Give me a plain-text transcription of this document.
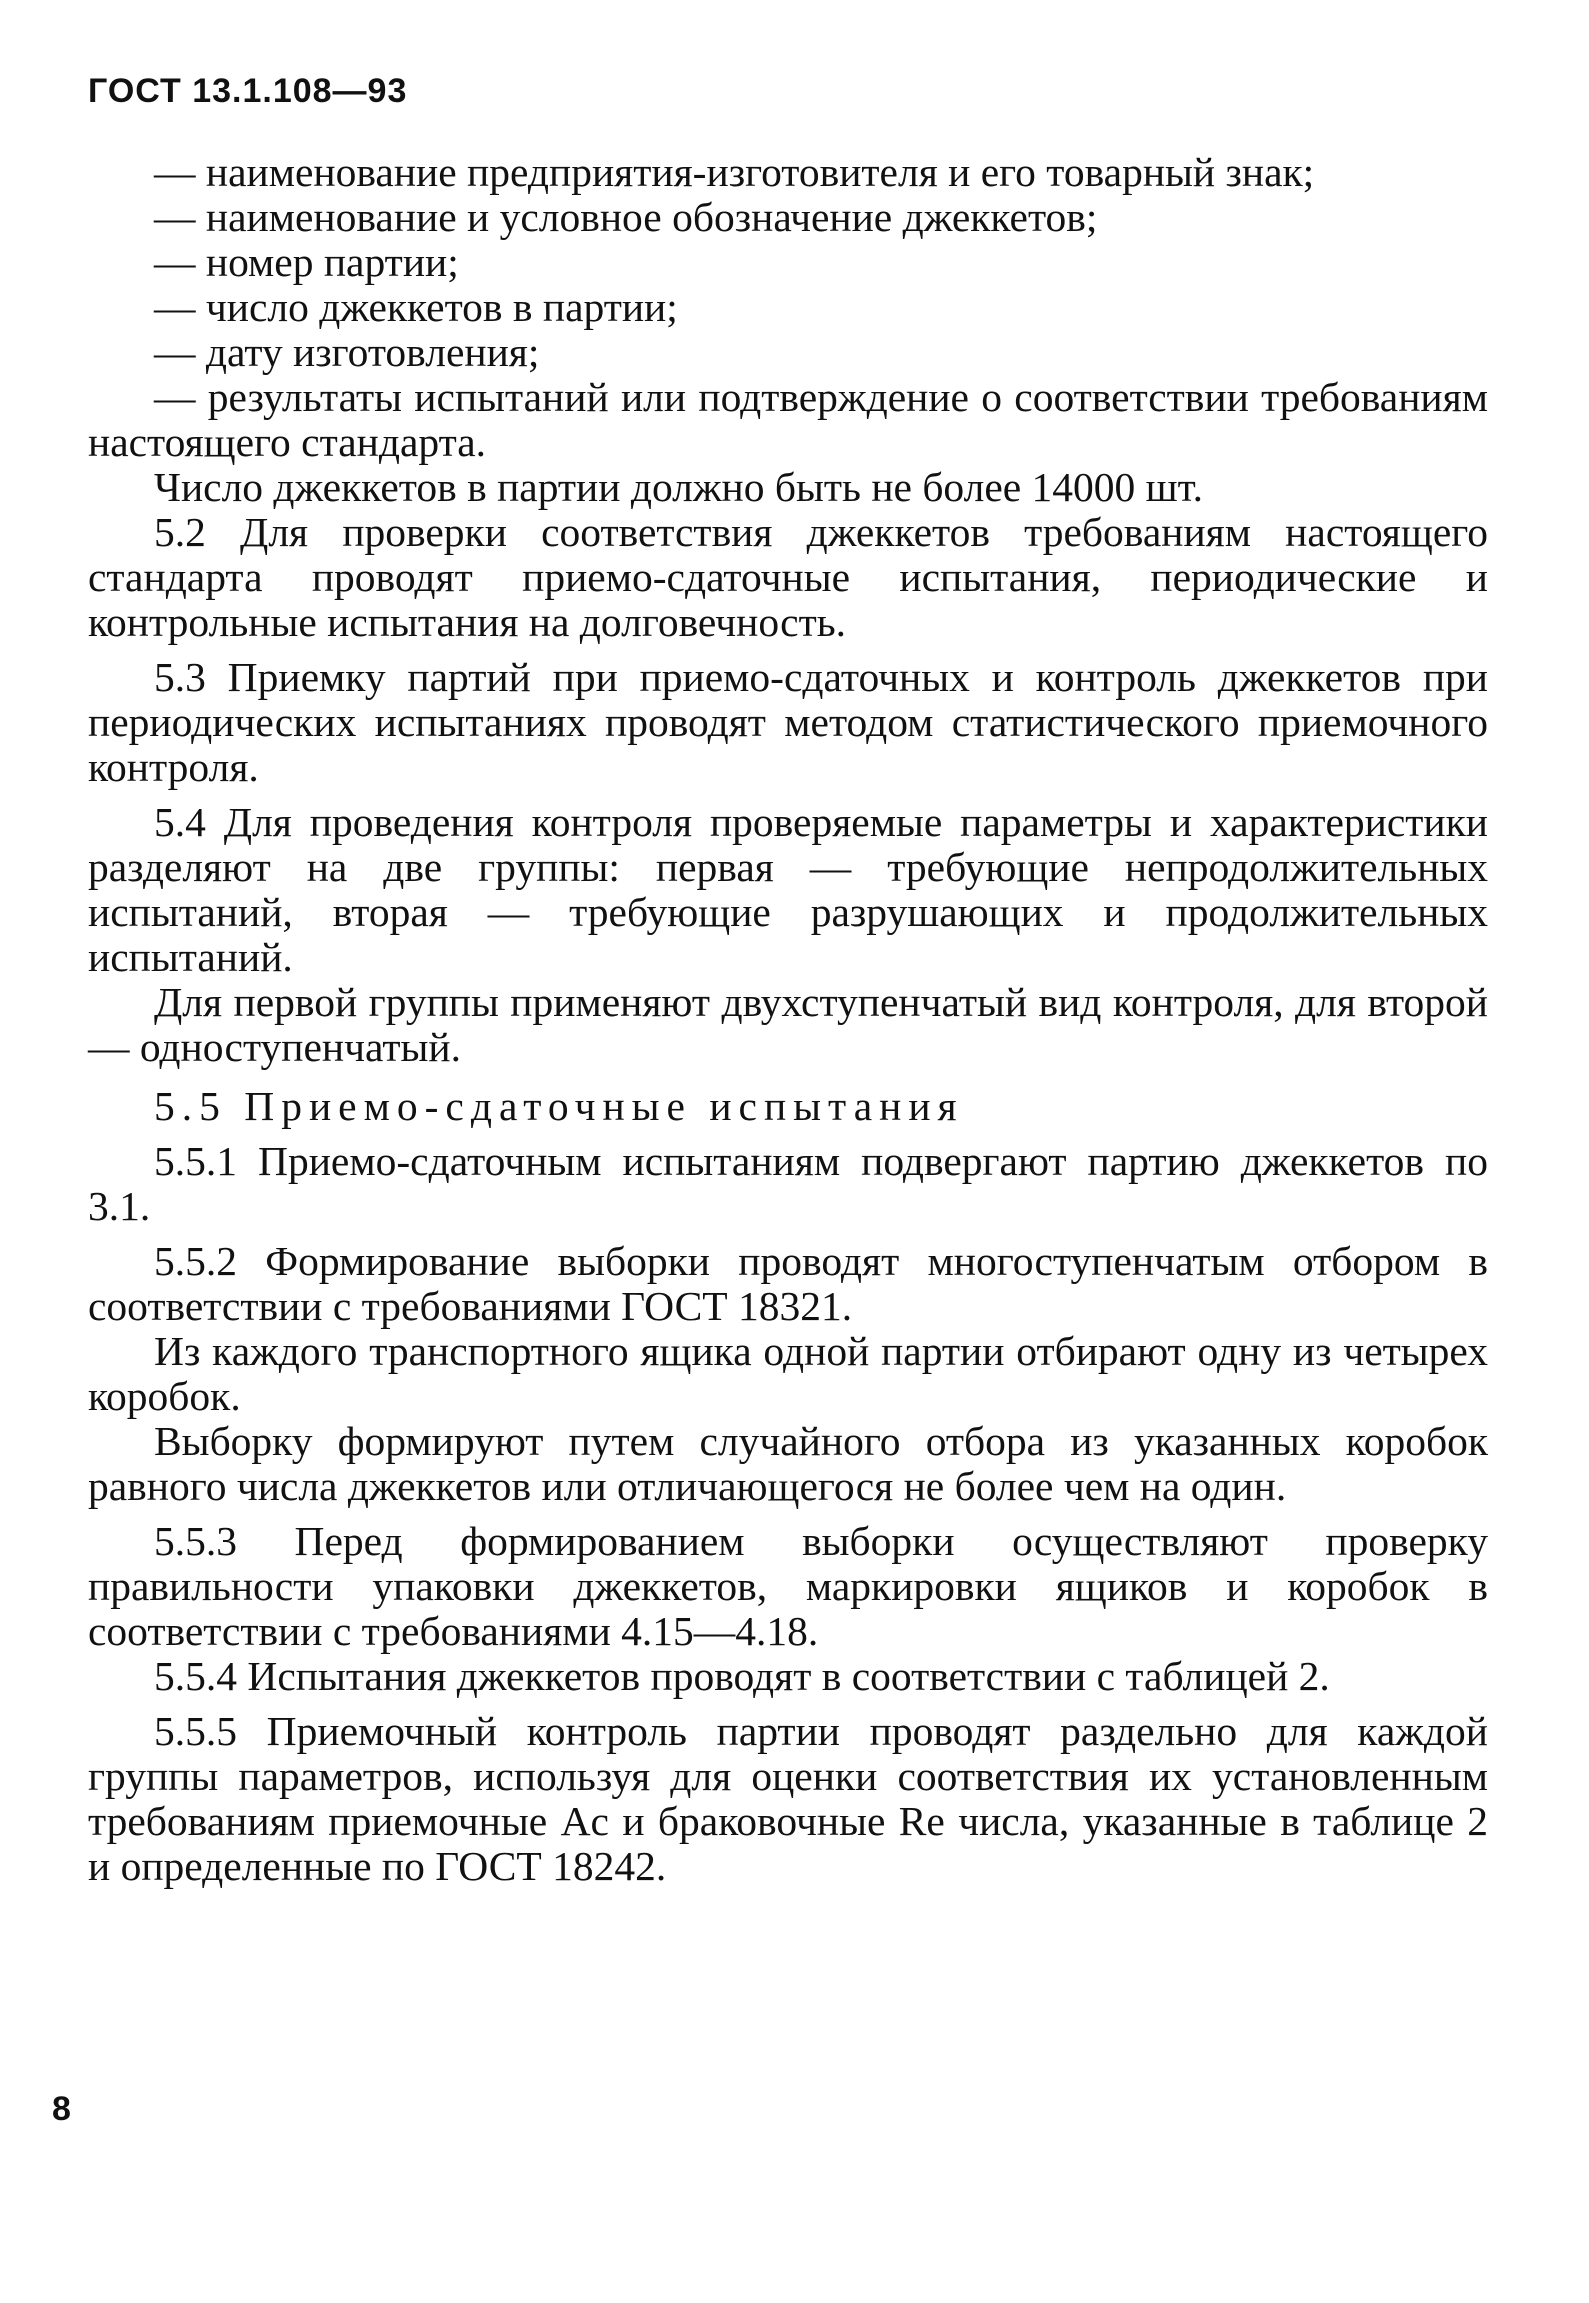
ГОСТ 13.1.108—93

— наименование предприятия-изготовителя и его товарный знак;

— наименование и условное обозначение джеккетов;

— номер партии;

— число джеккетов в партии;

— дату изготовления;

— результаты испытаний или подтверждение о соответствии требованиям настоящего стандарта.

Число джеккетов в партии должно быть не более 14000 шт.

5.2 Для проверки соответствия джеккетов требованиям настоящего стандарта проводят приемо-сдаточные испытания, периодические и контрольные испытания на долговечность.

5.3 Приемку партий при приемо-сдаточных и контроль джеккетов при периодических испытаниях проводят методом статистического приемочного контроля.

5.4 Для проведения контроля проверяемые параметры и характеристики разделяют на две группы: первая — требующие непродолжительных испытаний, вторая — требующие разрушающих и продолжительных испытаний.

Для первой группы применяют двухступенчатый вид контроля, для второй — одноступенчатый.

5.5 Приемо-сдаточные испытания

5.5.1 Приемо-сдаточным испытаниям подвергают партию джеккетов по 3.1.

5.5.2 Формирование выборки проводят многоступенчатым отбором в соответствии с требованиями ГОСТ 18321.

Из каждого транспортного ящика одной партии отбирают одну из четырех коробок.

Выборку формируют путем случайного отбора из указанных коробок равного числа джеккетов или отличающегося не более чем на один.

5.5.3 Перед формированием выборки осуществляют проверку правильности упаковки джеккетов, маркировки ящиков и коробок в соответствии с требованиями 4.15—4.18.

5.5.4 Испытания джеккетов проводят в соответствии с таблицей 2.

5.5.5 Приемочный контроль партии проводят раздельно для каждой группы параметров, используя для оценки соответствия их установленным требованиям приемочные Ac и браковочные Re числа, указанные в таблице 2 и определенные по ГОСТ 18242.

8
